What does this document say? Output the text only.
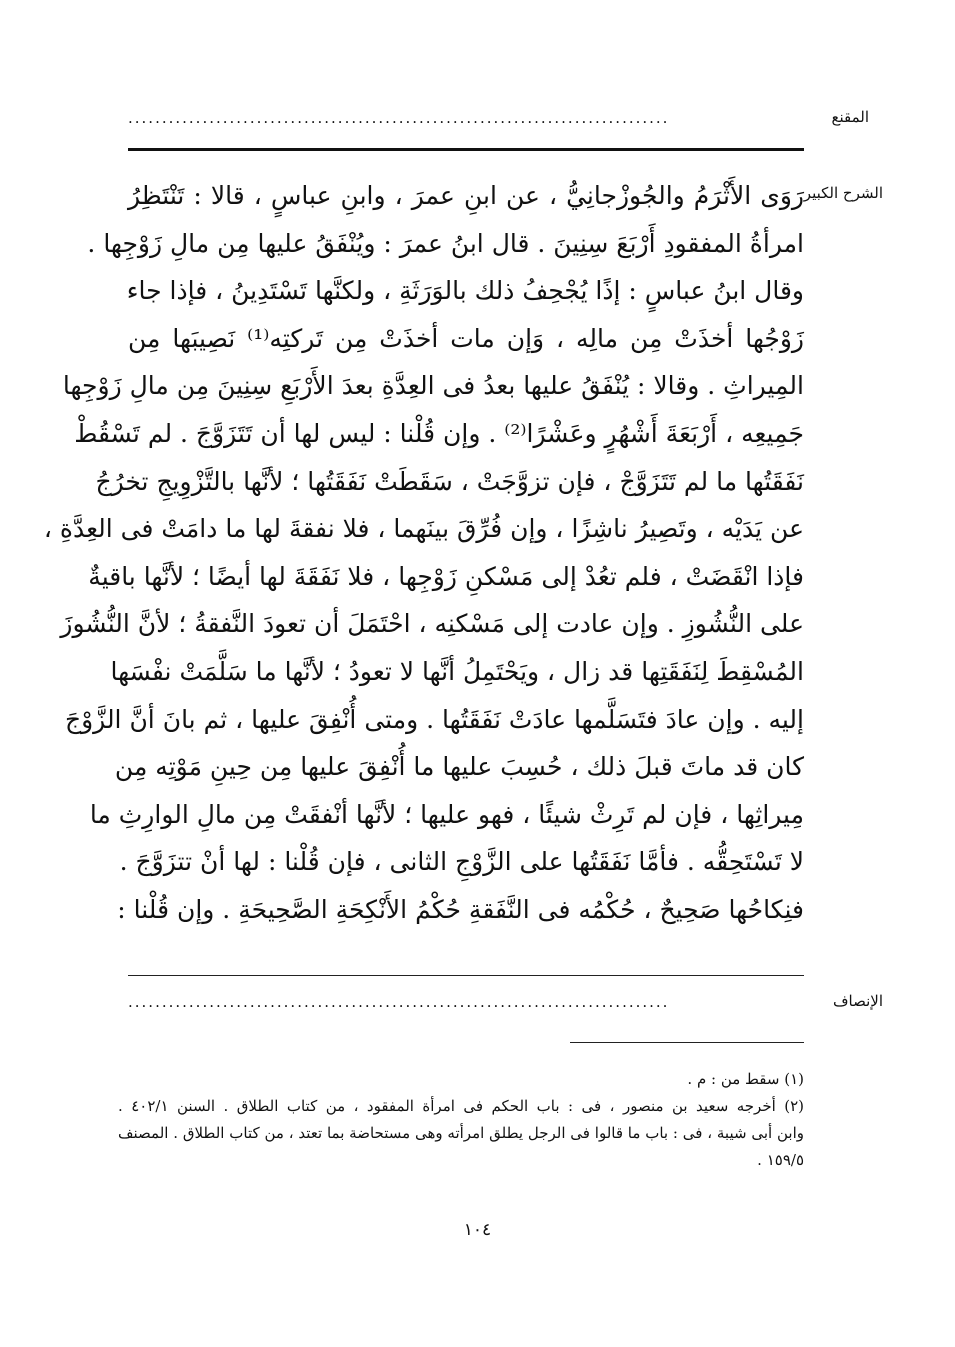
المقنع
................................................................................
الشرح الكبير
رَوَى الأَثْرَمُ والجُوزْجانِيُّ ، عن ابنِ عمرَ ، وابنِ عباسٍ ، قالا : تَنْتَظِرُ
امرأةُ المفقودِ أَرْبَعَ سِنِينَ . قال ابنُ عمرَ : ويُنْفَقُ عليها مِن مالِ زَوْجِها .
وقال ابنُ عباسٍ : إذًا يُجْحِفُ ذلك بالوَرَثَةِ ، ولكنَّها تَسْتَدِينُ ، فإذا جاء
زَوْجُها أخذَتْ مِن مالِه ، وَإن مات أخذَتْ مِن تَركتِه⁽¹⁾ نَصِيبَها مِن
المِيراثِ . وقالا : يُنْفَقُ عليها بعدُ فى العِدَّةِ بعدَ الأَرْبَعِ سِنِينَ مِن مالِ زَوْجِها
جَمِيعِه ، أَرْبَعَةَ أَشْهُرٍ وعَشْرًا⁽²⁾ . وإن قُلْنا : ليس لها أن تَتَزَوَّجَ . لم تَسْقُطْ
نَفَقَتُها ما لم تَتَزَوَّجْ ، فإن تزوَّجَتْ ، سَقَطَتْ نَفَقَتُها ؛ لأنَّها بالتَّزْوِيجِ تخرُجُ
عن يَدَيْه ، وتَصِيرُ ناشِزًا ، وإن فُرِّقَ بينَهما ، فلا نفقةَ لها ما دامَتْ فى العِدَّةِ ،
فإذا انْقَضَتْ ، فلم تعُدْ إلى مَسْكنِ زَوْجِها ، فلا نَفَقَةَ لها أيضًا ؛ لأنَّها باقيةٌ
على النُّشُوزِ . وإن عادت إلى مَسْكنِه ، احْتَمَلَ أن تعودَ النَّفقةُ ؛ لأنَّ النُّشُوزَ
المُسْقِطَ لِنَفَقَتِها قد زال ، ويَحْتَمِلُ أنَّها لا تعودُ ؛ لأنَّها ما سَلَّمَتْ نفْسَها
إليه . وإن عادَ فتَسَلَّمها عادَتْ نَفَقَتُها . ومتى أُنْفِقَ عليها ، ثم بانَ أنَّ الزَّوْجَ
كان قد ماتَ قبلَ ذلك ، حُسِبَ عليها ما أُنْفِقَ عليها مِن حِينِ مَوْتِه مِن
مِيراثِها ، فإن لم تَرِثْ شيئًا ، فهو عليها ؛ لأنَّها أنْفقَتْ مِن مالِ الوارِثِ ما
لا تَسْتَحِقُّه . فأمَّا نَفَقَتُها على الزَّوْجِ الثانى ، فإن قُلْنا : لها أنْ تتزَوَّجَ .
فنِكاحُها صَحِيحٌ ، حُكْمُه فى النَّفَقةِ حُكْمُ الأَنْكِحَةِ الصَّحِيحَةِ . وإن قُلْنا :
الإنصاف
................................................................................
(١) سقط من : م .
(٢) أخرجه سعيد بن منصور ، فى : باب الحكم فى امرأة المفقود ، من كتاب الطلاق . السنن ٤٠٢/١ .
وابن أبى شيبة ، فى : باب ما قالوا فى الرجل يطلق امرأته وهى مستحاضة بما تعتد ، من كتاب الطلاق . المصنف
١٥٩/٥ .
١٠٤
